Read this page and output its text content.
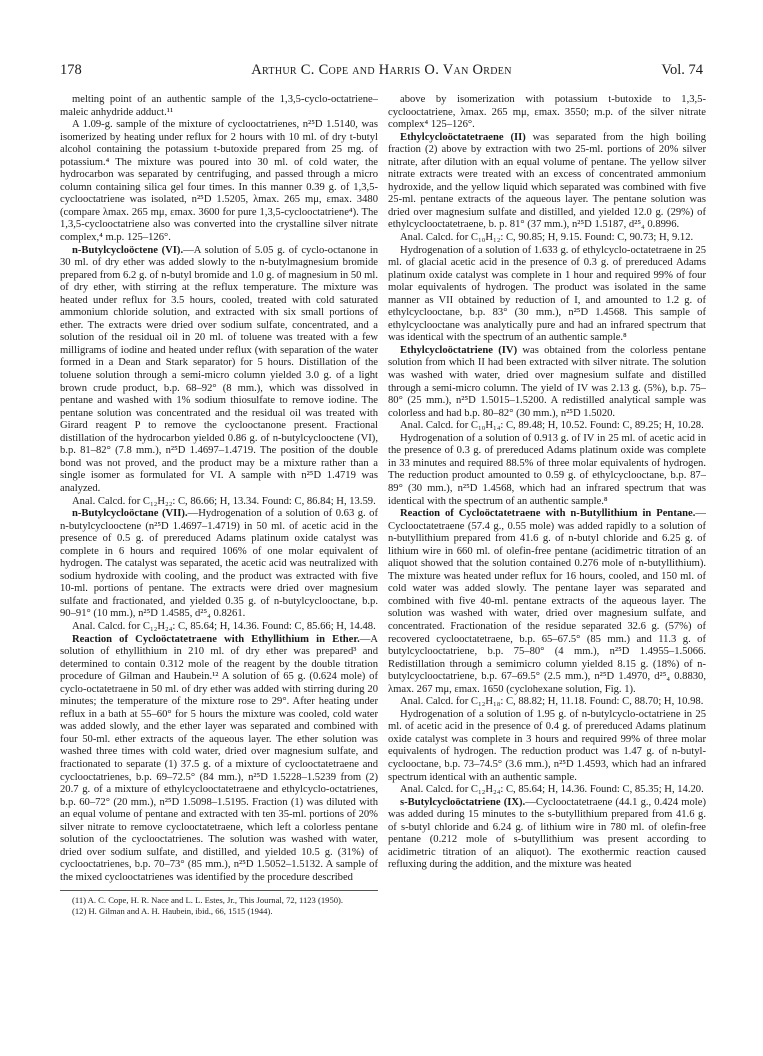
178	Arthur C. Cope and Harris O. Van Orden	Vol. 74

melting point of an authentic sample of the 1,3,5-cyclo-octatriene–maleic anhydride adduct.¹¹

A 1.09-g. sample of the mixture of cyclooctatrienes, n²⁵D 1.5140, was isomerized by heating under reflux for 2 hours with 10 ml. of dry t-butyl alcohol containing the potassium t-butoxide prepared from 25 mg. of potassium.⁴ The mixture was poured into 30 ml. of cold water, the hydrocarbon was separated by centrifuging, and passed through a micro column containing silica gel four times. In this manner 0.39 g. of 1,3,5-cyclooctatriene was isolated, n²⁵D 1.5205, λmax. 265 mμ, εmax. 3480 (compare λmax. 265 mμ, εmax. 3600 for pure 1,3,5-cyclooctatriene⁴). The 1,3,5-cyclooctatriene also was converted into the crystalline silver nitrate complex,⁴ m.p. 125–126°.

n-Butylcycloöctene (VI).—A solution of 5.05 g. of cyclo-octanone in 30 ml. of dry ether was added slowly to the n-butylmagnesium bromide prepared from 6.2 g. of n-butyl bromide and 1.0 g. of magnesium in 50 ml. of dry ether, with stirring at the reflux temperature. The mixture was heated under reflux for 3.5 hours, cooled, treated with cold saturated ammonium chloride solution, and extracted with six small portions of ether. The extracts were dried over sodium sulfate, concentrated, and a solution of the residual oil in 20 ml. of toluene was treated with a few milligrams of iodine and heated under reflux (with separation of the water formed in a Dean and Stark separator) for 5 hours. Distillation of the toluene solution through a semi-micro column yielded 3.0 g. of a light brown crude product, b.p. 68–92° (8 mm.), which was dissolved in pentane and washed with 1% sodium thiosulfate to remove iodine. The pentane solution was concentrated and the residual oil was treated with Girard reagent P to remove the cyclooctanone present. Fractional distillation of the hydrocarbon yielded 0.86 g. of n-butylcyclooctene (VI), b.p. 81–82° (7.8 mm.), n²⁵D 1.4697–1.4719. The position of the double bond was not proved, and the product may be a mixture rather than a single isomer as formulated for VI. A sample with n²⁵D 1.4719 was analyzed.

Anal. Calcd. for C₁₂H₂₂: C, 86.66; H, 13.34. Found: C, 86.84; H, 13.59.

n-Butylcycloöctane (VII).—Hydrogenation of a solution of 0.63 g. of n-butylcyclooctene (n²⁵D 1.4697–1.4719) in 50 ml. of acetic acid in the presence of 0.5 g. of prereduced Adams platinum oxide catalyst was complete in 6 hours and required 106% of one molar equivalent of hydrogen. The catalyst was separated, the acetic acid was neutralized with sodium hydroxide with cooling, and the product was extracted with five 10-ml. portions of pentane. The extracts were dried over magnesium sulfate and fractionated, and yielded 0.35 g. of n-butylcyclooctane, b.p. 90–91° (10 mm.), n²⁵D 1.4585, d²⁵₄ 0.8261.

Anal. Calcd. for C₁₂H₂₄: C, 85.64; H, 14.36. Found: C, 85.66; H, 14.48.

Reaction of Cycloöctatetraene with Ethyllithium in Ether.—A solution of ethyllithium in 210 ml. of dry ether was prepared³ and determined to contain 0.312 mole of the reagent by the double titration procedure of Gilman and Haubein.¹² A solution of 65 g. (0.624 mole) of cyclo-octatetraene in 50 ml. of dry ether was added with stirring during 20 minutes; the temperature of the mixture rose to 29°. After heating under reflux in a bath at 55–60° for 5 hours the mixture was cooled, cold water was added slowly, and the ether layer was separated and combined with four 50-ml. ether extracts of the aqueous layer. The ether solution was washed three times with cold water, dried over magnesium sulfate, and fractionated to separate (1) 37.5 g. of a mixture of cyclooctatetraene and cyclooctatrienes, b.p. 69–72.5° (84 mm.), n²⁵D 1.5228–1.5239 from (2) 20.7 g. of a mixture of ethylcyclooctatetraene and ethylcyclo-octatrienes, b.p. 60–72° (20 mm.), n²⁵D 1.5098–1.5195. Fraction (1) was diluted with an equal volume of pentane and extracted with ten 35-ml. portions of 20% silver nitrate to remove cyclooctatetraene, which left a colorless pentane solution of the cyclooctatrienes. The solution was washed with water, dried over sodium sulfate, and distilled, and yielded 10.5 g. (31%) of cyclooctatrienes, b.p. 70–73° (85 mm.), n²⁵D 1.5052–1.5132. A sample of the mixed cyclooctatrienes was identified by the procedure described

(11) A. C. Cope, H. R. Nace and L. L. Estes, Jr., This Journal, 72, 1123 (1950).

(12) H. Gilman and A. H. Haubein, ibid., 66, 1515 (1944).

above by isomerization with potassium t-butoxide to 1,3,5-cyclooctatriene, λmax. 265 mμ, εmax. 3550; m.p. of the silver nitrate complex⁴ 125–126°.

Ethylcycloöctatetraene (II) was separated from the high boiling fraction (2) above by extraction with two 25-ml. portions of 20% silver nitrate, after dilution with an equal volume of pentane. The yellow silver nitrate extracts were treated with an excess of concentrated ammonium hydroxide, and the yellow liquid which separated was combined with five 25-ml. pentane extracts of the aqueous layer. The pentane solution was dried over magnesium sulfate and distilled, and yielded 12.0 g. (29%) of ethylcyclooctatetraene, b. p. 81° (37 mm.), n²⁵D 1.5187, d²⁵₄ 0.8996.

Anal. Calcd. for C₁₀H₁₂: C, 90.85; H, 9.15. Found: C, 90.73; H, 9.12.

Hydrogenation of a solution of 1.633 g. of ethylcyclo-octatetraene in 25 ml. of glacial acetic acid in the presence of 0.3 g. of prereduced Adams platinum oxide catalyst was complete in 1 hour and required 99% of four molar equivalents of hydrogen. The product was isolated in the same manner as VII obtained by reduction of I, and amounted to 1.2 g. of ethylcyclooctane, b.p. 83° (30 mm.), n²⁵D 1.4568. This sample of ethylcyclooctane was analytically pure and had an infrared spectrum that was identical with the spectrum of an authentic sample.⁸

Ethylcycloöctatriene (IV) was obtained from the colorless pentane solution from which II had been extracted with silver nitrate. The solution was washed with water, dried over magnesium sulfate and distilled through a semi-micro column. The yield of IV was 2.13 g. (5%), b.p. 75–80° (25 mm.), n²⁵D 1.5015–1.5200. A redistilled analytical sample was colorless and had b.p. 80–82° (30 mm.), n²⁵D 1.5020.

Anal. Calcd. for C₁₀H₁₄: C, 89.48; H, 10.52. Found: C, 89.25; H, 10.28.

Hydrogenation of a solution of 0.913 g. of IV in 25 ml. of acetic acid in the presence of 0.3 g. of prereduced Adams platinum oxide was complete in 33 minutes and required 88.5% of three molar equivalents of hydrogen. The reduction product amounted to 0.59 g. of ethylcyclooctane, b.p. 87–89° (30 mm.), n²⁵D 1.4568, which had an infrared spectrum that was identical with the spectrum of an authentic sample.⁸

Reaction of Cycloöctatetraene with n-Butyllithium in Pentane.—Cyclooctatetraene (57.4 g., 0.55 mole) was added rapidly to a solution of n-butyllithium prepared from 41.6 g. of n-butyl chloride and 6.25 g. of lithium wire in 660 ml. of olefin-free pentane (acidimetric titration of an aliquot showed that the solution contained 0.276 mole of n-butyllithium). The mixture was heated under reflux for 16 hours, cooled, and 150 ml. of cold water was added slowly. The pentane layer was separated and combined with five 40-ml. pentane extracts of the aqueous layer. The solution was washed with water, dried over magnesium sulfate, and concentrated. Fractionation of the residue separated 32.6 g. (57%) of recovered cyclooctatetraene, b.p. 65–67.5° (85 mm.) and 11.3 g. of butylcyclooctatriene, b.p. 75–80° (4 mm.), n²⁵D 1.4955–1.5066. Redistillation through a semimicro column yielded 8.15 g. (18%) of n-butylcyclooctatriene, b.p. 67–69.5° (2.5 mm.), n²⁵D 1.4970, d²⁵₄ 0.8830, λmax. 267 mμ, εmax. 1650 (cyclohexane solution, Fig. 1).

Anal. Calcd. for C₁₂H₁₈: C, 88.82; H, 11.18. Found: C, 88.70; H, 10.98.

Hydrogenation of a solution of 1.95 g. of n-butylcyclo-octatriene in 25 ml. of acetic acid in the presence of 0.4 g. of prereduced Adams platinum oxide catalyst was complete in 3 hours and required 99% of three molar equivalents of hydrogen. The reduction product was 1.47 g. of n-butyl-cyclooctane, b.p. 73–74.5° (3.6 mm.), n²⁵D 1.4593, which had an infrared spectrum identical with an authentic sample.

Anal. Calcd. for C₁₂H₂₄: C, 85.64; H, 14.36. Found: C, 85.35; H, 14.20.

s-Butylcycloöctatriene (IX).—Cyclooctatetraene (44.1 g., 0.424 mole) was added during 15 minutes to the s-butyllithium prepared from 41.6 g. of s-butyl chloride and 6.24 g. of lithium wire in 780 ml. of olefin-free pentane (0.212 mole of s-butyllithium was present according to acidimetric titration of an aliquot). The exothermic reaction caused refluxing during the addition, and the mixture was heated
